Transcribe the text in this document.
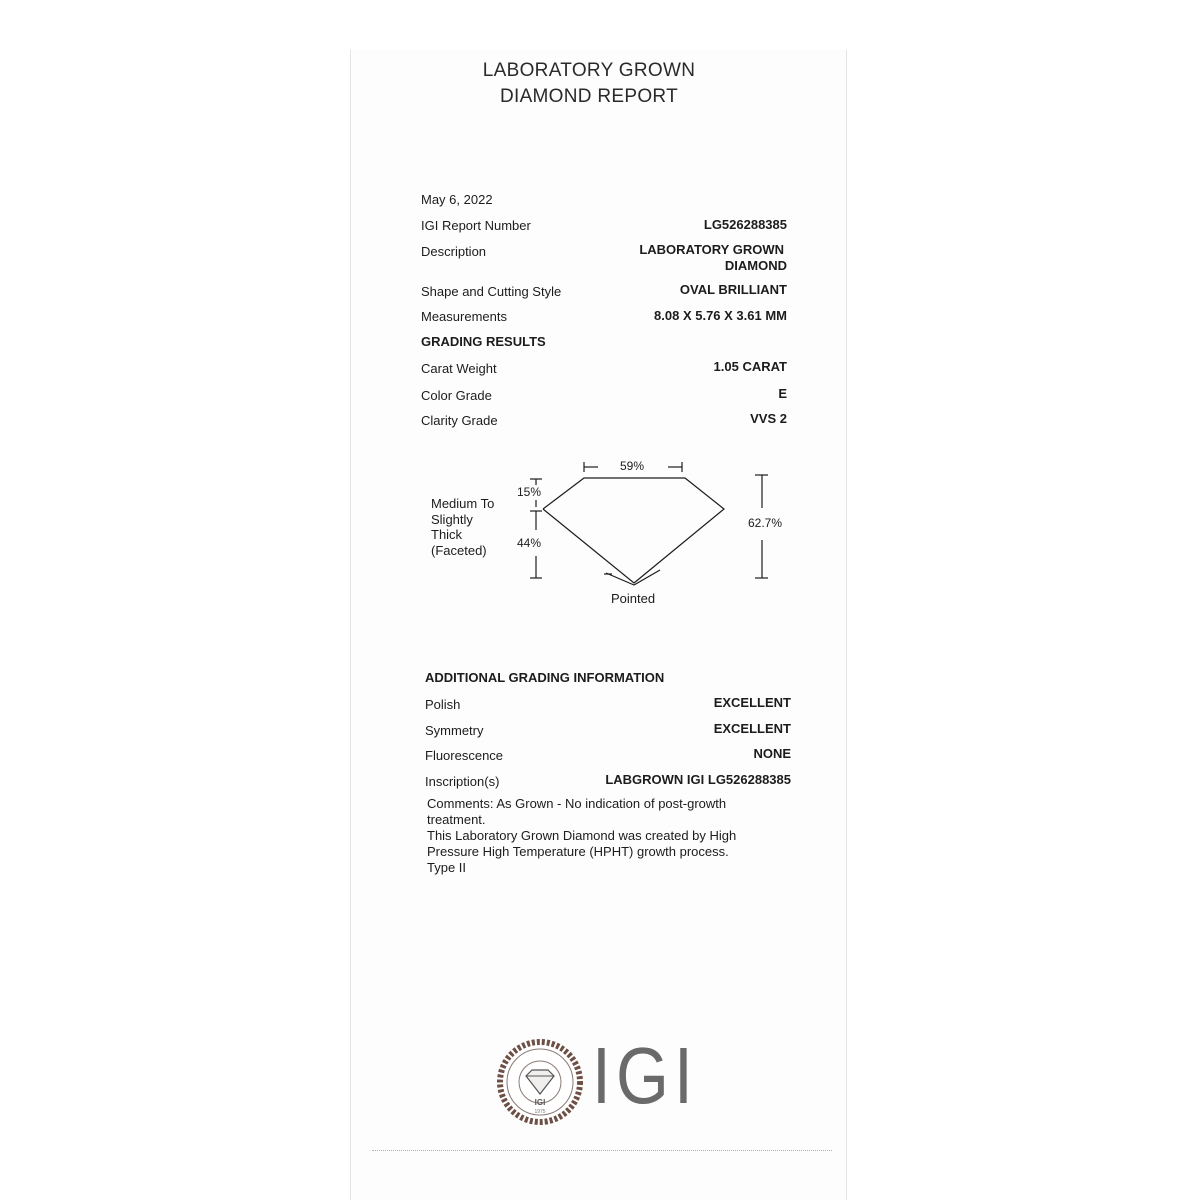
LABORATORY GROWN
DIAMOND REPORT
May 6, 2022
IGI Report Number	LG526288385
Description	LABORATORY GROWN
DIAMOND
Shape and Cutting Style	OVAL BRILLIANT
Measurements	8.08 X 5.76 X 3.61 MM
GRADING RESULTS
Carat Weight	1.05 CARAT
Color Grade	E
Clarity Grade	VVS 2
59%
15%
44%
62.7%
Pointed
Medium To
Slightly
Thick
(Faceted)
ADDITIONAL GRADING INFORMATION
Polish	EXCELLENT
Symmetry	EXCELLENT
Fluorescence	NONE
Inscription(s)	LABGROWN IGI LG526288385
Comments: As Grown - No indication of post-growth
treatment.
This Laboratory Grown Diamond was created by High
Pressure High Temperature (HPHT) growth process.
Type II
IGI
1975 IGI
